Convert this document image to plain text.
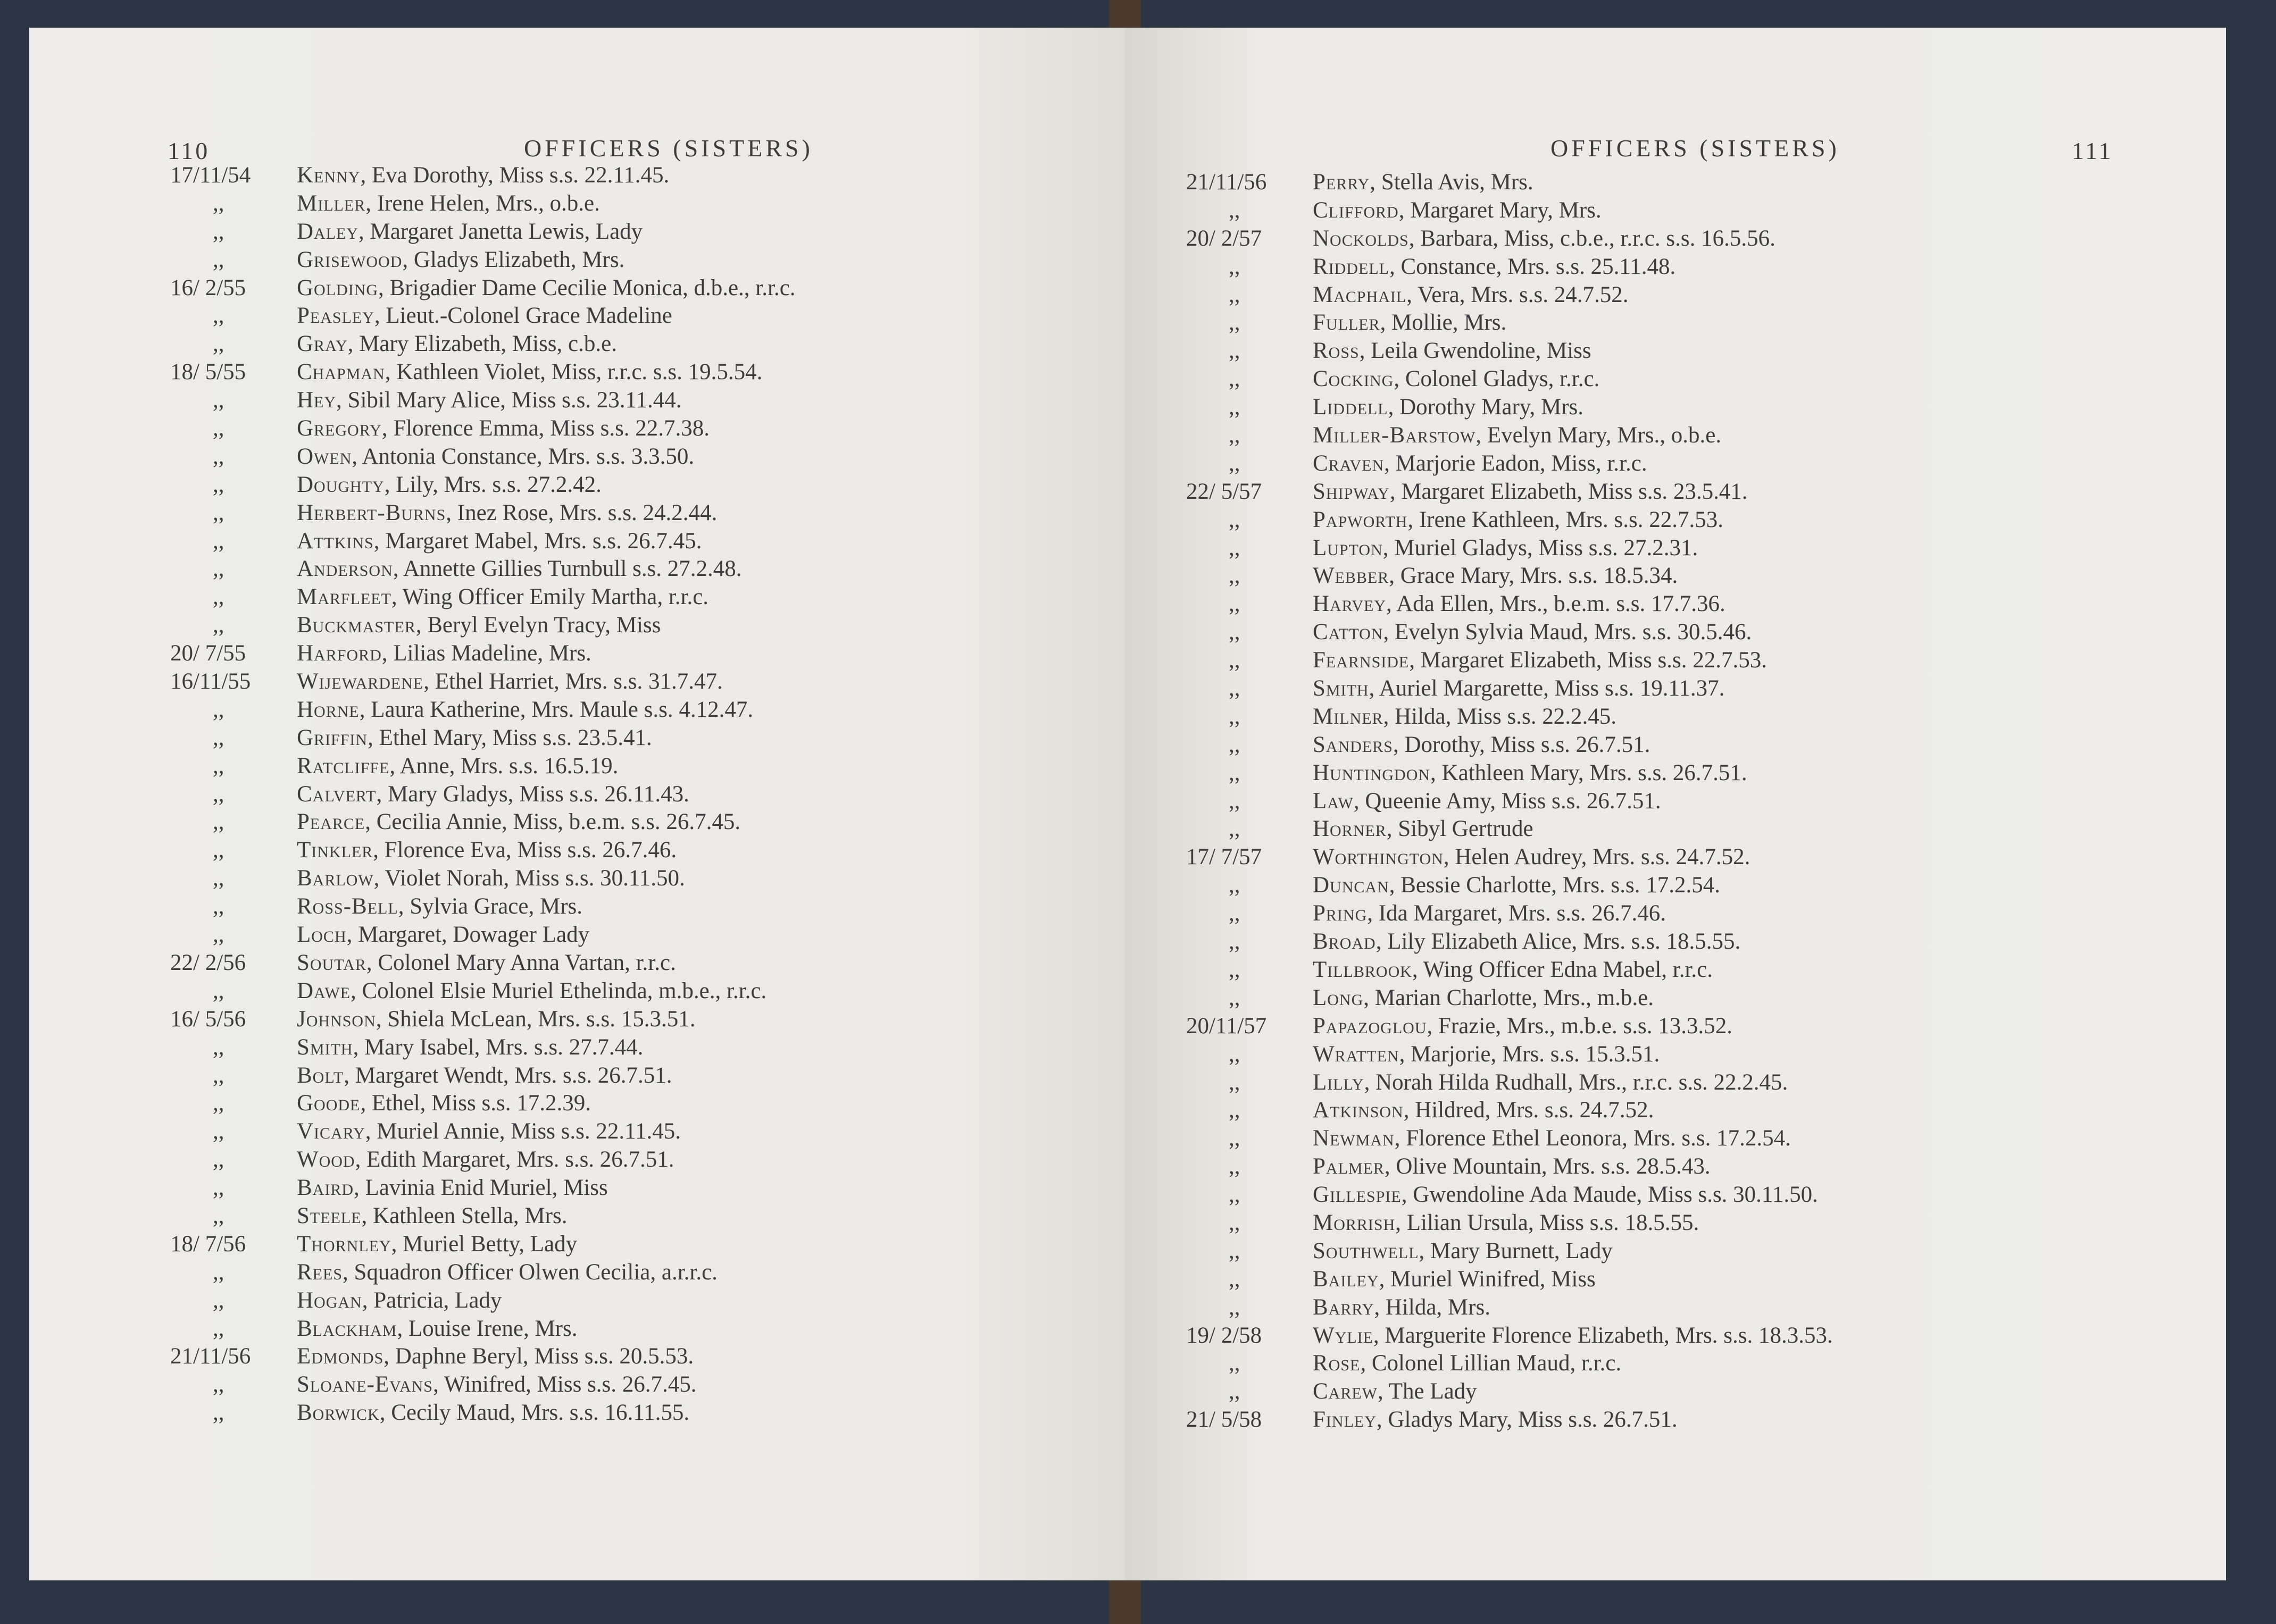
110	OFFICERS (SISTERS)
17/11/54	Kenny, Eva Dorothy, Miss s.s. 22.11.45.
,,	Miller, Irene Helen, Mrs., o.b.e.
,,	Daley, Margaret Janetta Lewis, Lady
,,	Grisewood, Gladys Elizabeth, Mrs.
16/ 2/55	Golding, Brigadier Dame Cecilie Monica, d.b.e., r.r.c.
,,	Peasley, Lieut.-Colonel Grace Madeline
,,	Gray, Mary Elizabeth, Miss, c.b.e.
18/ 5/55	Chapman, Kathleen Violet, Miss, r.r.c. s.s. 19.5.54.
,,	Hey, Sibil Mary Alice, Miss s.s. 23.11.44.
,,	Gregory, Florence Emma, Miss s.s. 22.7.38.
,,	Owen, Antonia Constance, Mrs. s.s. 3.3.50.
,,	Doughty, Lily, Mrs. s.s. 27.2.42.
,,	Herbert-Burns, Inez Rose, Mrs. s.s. 24.2.44.
,,	Attkins, Margaret Mabel, Mrs. s.s. 26.7.45.
,,	Anderson, Annette Gillies Turnbull s.s. 27.2.48.
,,	Marfleet, Wing Officer Emily Martha, r.r.c.
,,	Buckmaster, Beryl Evelyn Tracy, Miss
20/ 7/55	Harford, Lilias Madeline, Mrs.
16/11/55	Wijewardene, Ethel Harriet, Mrs. s.s. 31.7.47.
,,	Horne, Laura Katherine, Mrs. Maule s.s. 4.12.47.
,,	Griffin, Ethel Mary, Miss s.s. 23.5.41.
,,	Ratcliffe, Anne, Mrs. s.s. 16.5.19.
,,	Calvert, Mary Gladys, Miss s.s. 26.11.43.
,,	Pearce, Cecilia Annie, Miss, b.e.m. s.s. 26.7.45.
,,	Tinkler, Florence Eva, Miss s.s. 26.7.46.
,,	Barlow, Violet Norah, Miss s.s. 30.11.50.
,,	Ross-Bell, Sylvia Grace, Mrs.
,,	Loch, Margaret, Dowager Lady
22/ 2/56	Soutar, Colonel Mary Anna Vartan, r.r.c.
,,	Dawe, Colonel Elsie Muriel Ethelinda, m.b.e., r.r.c.
16/ 5/56	Johnson, Shiela McLean, Mrs. s.s. 15.3.51.
,,	Smith, Mary Isabel, Mrs. s.s. 27.7.44.
,,	Bolt, Margaret Wendt, Mrs. s.s. 26.7.51.
,,	Goode, Ethel, Miss s.s. 17.2.39.
,,	Vicary, Muriel Annie, Miss s.s. 22.11.45.
,,	Wood, Edith Margaret, Mrs. s.s. 26.7.51.
,,	Baird, Lavinia Enid Muriel, Miss
,,	Steele, Kathleen Stella, Mrs.
18/ 7/56	Thornley, Muriel Betty, Lady
,,	Rees, Squadron Officer Olwen Cecilia, a.r.r.c.
,,	Hogan, Patricia, Lady
,,	Blackham, Louise Irene, Mrs.
21/11/56	Edmonds, Daphne Beryl, Miss s.s. 20.5.53.
,,	Sloane-Evans, Winifred, Miss s.s. 26.7.45.
,,	Borwick, Cecily Maud, Mrs. s.s. 16.11.55.
OFFICERS (SISTERS)	111
21/11/56	Perry, Stella Avis, Mrs.
,,	Clifford, Margaret Mary, Mrs.
20/ 2/57	Nockolds, Barbara, Miss, c.b.e., r.r.c. s.s. 16.5.56.
,,	Riddell, Constance, Mrs. s.s. 25.11.48.
,,	Macphail, Vera, Mrs. s.s. 24.7.52.
,,	Fuller, Mollie, Mrs.
,,	Ross, Leila Gwendoline, Miss
,,	Cocking, Colonel Gladys, r.r.c.
,,	Liddell, Dorothy Mary, Mrs.
,,	Miller-Barstow, Evelyn Mary, Mrs., o.b.e.
,,	Craven, Marjorie Eadon, Miss, r.r.c.
22/ 5/57	Shipway, Margaret Elizabeth, Miss s.s. 23.5.41.
,,	Papworth, Irene Kathleen, Mrs. s.s. 22.7.53.
,,	Lupton, Muriel Gladys, Miss s.s. 27.2.31.
,,	Webber, Grace Mary, Mrs. s.s. 18.5.34.
,,	Harvey, Ada Ellen, Mrs., b.e.m. s.s. 17.7.36.
,,	Catton, Evelyn Sylvia Maud, Mrs. s.s. 30.5.46.
,,	Fearnside, Margaret Elizabeth, Miss s.s. 22.7.53.
,,	Smith, Auriel Margarette, Miss s.s. 19.11.37.
,,	Milner, Hilda, Miss s.s. 22.2.45.
,,	Sanders, Dorothy, Miss s.s. 26.7.51.
,,	Huntingdon, Kathleen Mary, Mrs. s.s. 26.7.51.
,,	Law, Queenie Amy, Miss s.s. 26.7.51.
,,	Horner, Sibyl Gertrude
17/ 7/57	Worthington, Helen Audrey, Mrs. s.s. 24.7.52.
,,	Duncan, Bessie Charlotte, Mrs. s.s. 17.2.54.
,,	Pring, Ida Margaret, Mrs. s.s. 26.7.46.
,,	Broad, Lily Elizabeth Alice, Mrs. s.s. 18.5.55.
,,	Tillbrook, Wing Officer Edna Mabel, r.r.c.
,,	Long, Marian Charlotte, Mrs., m.b.e.
20/11/57	Papazoglou, Frazie, Mrs., m.b.e. s.s. 13.3.52.
,,	Wratten, Marjorie, Mrs. s.s. 15.3.51.
,,	Lilly, Norah Hilda Rudhall, Mrs., r.r.c. s.s. 22.2.45.
,,	Atkinson, Hildred, Mrs. s.s. 24.7.52.
,,	Newman, Florence Ethel Leonora, Mrs. s.s. 17.2.54.
,,	Palmer, Olive Mountain, Mrs. s.s. 28.5.43.
,,	Gillespie, Gwendoline Ada Maude, Miss s.s. 30.11.50.
,,	Morrish, Lilian Ursula, Miss s.s. 18.5.55.
,,	Southwell, Mary Burnett, Lady
,,	Bailey, Muriel Winifred, Miss
,,	Barry, Hilda, Mrs.
19/ 2/58	Wylie, Marguerite Florence Elizabeth, Mrs. s.s. 18.3.53.
,,	Rose, Colonel Lillian Maud, r.r.c.
,,	Carew, The Lady
21/ 5/58	Finley, Gladys Mary, Miss s.s. 26.7.51.
